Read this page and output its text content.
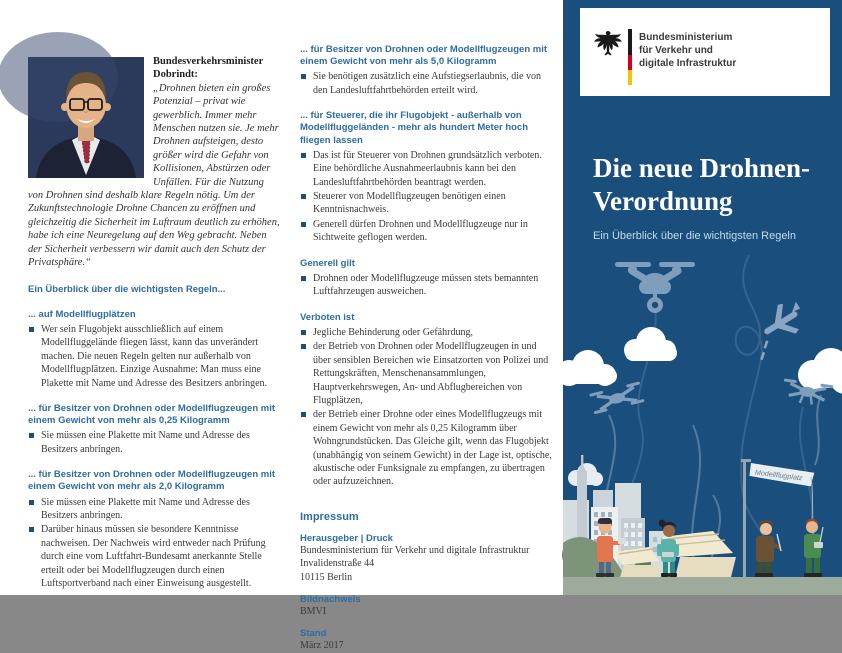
Bundesverkehrsminister Dobrindt:
„Drohnen bieten ein großes Potenzial – privat wie gewerblich. Immer mehr Menschen nutzen sie. Je mehr Drohnen aufsteigen, desto größer wird die Gefahr von Kollisionen, Abstürzen oder Unfällen. Für die Nutzung von Drohnen sind deshalb klare Regeln nötig. Um der Zukunftstechnologie Drohne Chancen zu eröffnen und gleichzeitig die Sicherheit im Luftraum deutlich zu erhöhen, habe ich eine Neuregelung auf den Weg gebracht. Neben der Sicherheit verbessern wir damit auch den Schutz der Privatsphäre.“
Ein Überblick über die wichtigsten Regeln...
... auf Modellflugplätzen
Wer sein Flugobjekt ausschließlich auf einem Modellfluggelände fliegen lässt, kann das unverändert machen. Die neuen Regeln gelten nur außerhalb von Modellflugplätzen. Einzige Ausnahme: Man muss eine Plakette mit Name und Adresse des Besitzers anbringen.
... für Besitzer von Drohnen oder Modellflugzeugen mit einem Gewicht von mehr als 0,25 Kilogramm
Sie müssen eine Plakette mit Name und Adresse des Besitzers anbringen.
... für Besitzer von Drohnen oder Modellflugzeugen mit einem Gewicht von mehr als 2,0 Kilogramm
Sie müssen eine Plakette mit Name und Adresse des Besitzers anbringen.
Darüber hinaus müssen sie besondere Kenntnisse nachweisen. Der Nachweis wird entweder nach Prüfung durch eine vom Luftfahrt-Bundesamt anerkannte Stelle erteilt oder bei Modellflugzeugen durch einen Luftsportverband nach einer Einweisung ausgestellt.
... für Besitzer von Drohnen oder Modellflugzeugen mit einem Gewicht von mehr als 5,0 Kilogramm
Sie benötigen zusätzlich eine Aufstiegserlaubnis, die von den Landesluftfahrtbehörden erteilt wird.
... für Steuerer, die ihr Flugobjekt - außerhalb von Modellfluggeländen - mehr als hundert Meter hoch fliegen lassen
Das ist für Steuerer von Drohnen grundsätzlich verboten. Eine behördliche Ausnahmeerlaubnis kann bei den Landesluftfahrtbehörden beantragt werden.
Steuerer von Modellflugzeugen benötigen einen Kenntnisnachweis.
Generell dürfen Drohnen und Modellflugzeuge nur in Sichtweite geflogen werden.
Generell gilt
Drohnen oder Modellflugzeuge müssen stets bemannten Luftfahrzeugen ausweichen.
Verboten ist
Jegliche Behinderung oder Gefährdung,
der Betrieb von Drohnen oder Modellflugzeugen in und über sensiblen Bereichen wie Einsatzorten von Polizei und Rettungskräften, Menschenansammlungen, Hauptverkehrswegen, An- und Abflugbereichen von Flugplätzen,
der Betrieb einer Drohne oder eines Modellflugzeugs mit einem Gewicht von mehr als 0,25 Kilogramm über Wohngrundstücken. Das Gleiche gilt, wenn das Flugobjekt (unabhängig von seinem Gewicht) in der Lage ist, optische, akustische oder Funksignale zu empfangen, zu übertragen oder aufzuzeichnen.
Impressum
Herausgeber | Druck
Bundesministerium für Verkehr und digitale Infrastruktur
Invalidenstraße 44
10115 Berlin
Bildnachweis
BMVI
Stand
März 2017
Bundesministerium
für Verkehr und
digitale Infrastruktur
Die neue Drohnen-
Verordnung
Ein Überblick über die wichtigsten Regeln
Modellflugplatz
